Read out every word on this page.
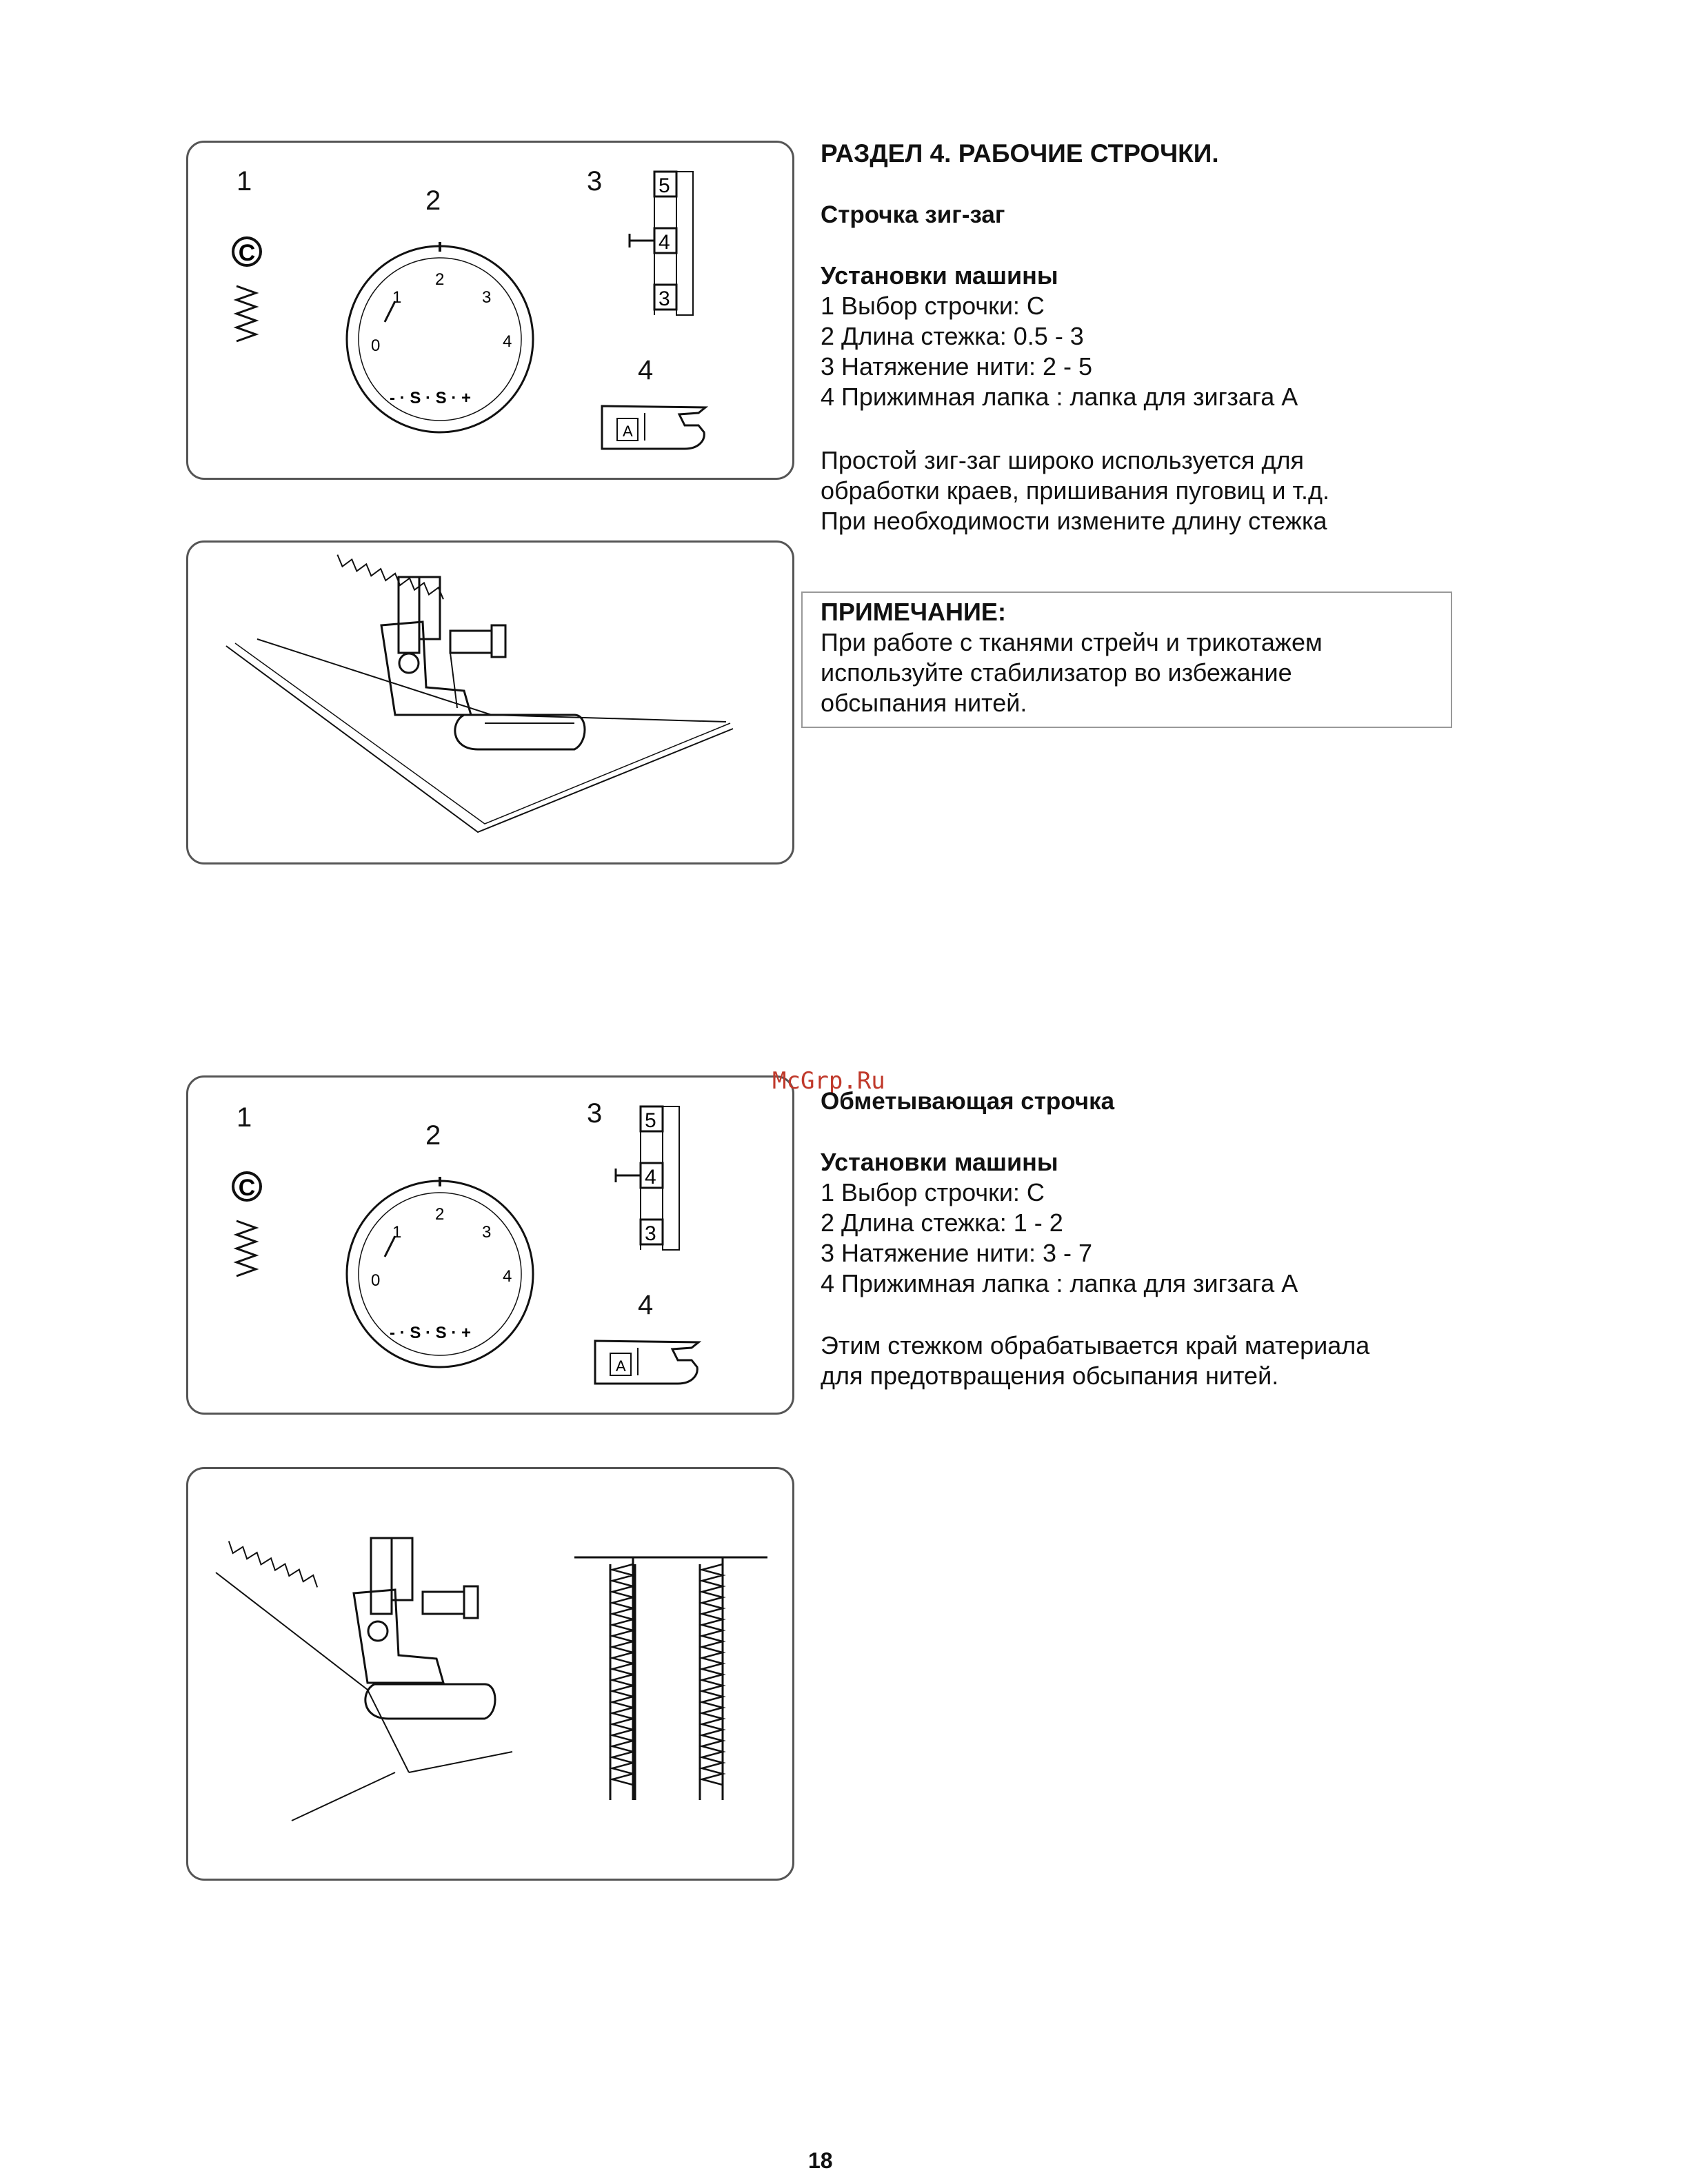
1
2
3
4
C
0
1
2
3
4
- · S · S · +
5
4
3
A
РАЗДЕЛ 4. РАБОЧИЕ СТРОЧКИ.
Строчка зиг-заг
Установки машины
1 Выбор строчки: С
2 Длина стежка: 0.5 - 3
3 Натяжение нити: 2 - 5
4 Прижимная лапка : лапка для зигзага А
Простой зиг-заг широко используется для
обработки краев, пришивания пуговиц и т.д.
При необходимости измените длину стежка
ПРИМЕЧАНИЕ:
При работе с тканями стрейч и трикотажем
используйте стабилизатор во избежание
обсыпания нитей.
1
2
3
4
C
0
1
2
3
4
- · S · S · +
5
4
3
A
McGrp.Ru
Обметывающая строчка
Установки машины
1 Выбор строчки: С
2 Длина стежка: 1 - 2
3 Натяжение нити: 3 - 7
4 Прижимная лапка : лапка для зигзага А
Этим стежком обрабатывается край материала
для предотвращения обсыпания нитей.
18
